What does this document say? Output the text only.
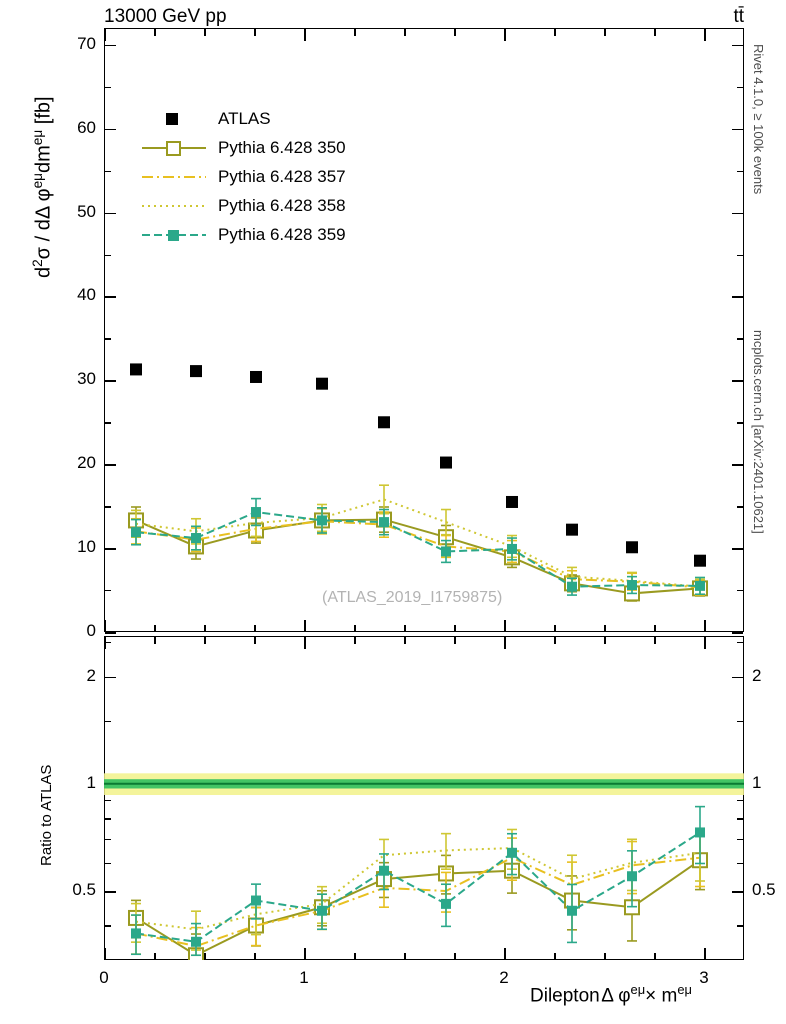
13000 GeV pp	tt̄
Rivet 4.1.0, ≥ 100k events
mcplots.cern.ch [arXiv:2401.10621]
$d^2\sigma$ / dΔ $\varphi^{e\mu}dm^{e\mu}$ [fb]
0
10
20
30
40
50
60
70
ATLAS
Pythia 6.428 350
Pythia 6.428 357
Pythia 6.428 358
Pythia 6.428 359
(ATLAS_2019_I1759875)
Ratio to ATLAS
0.5	0.5
1	1
2	2
0	1	2	3
Dilepton Δ $\varphi^{e\mu}\times m^{e\mu}$
